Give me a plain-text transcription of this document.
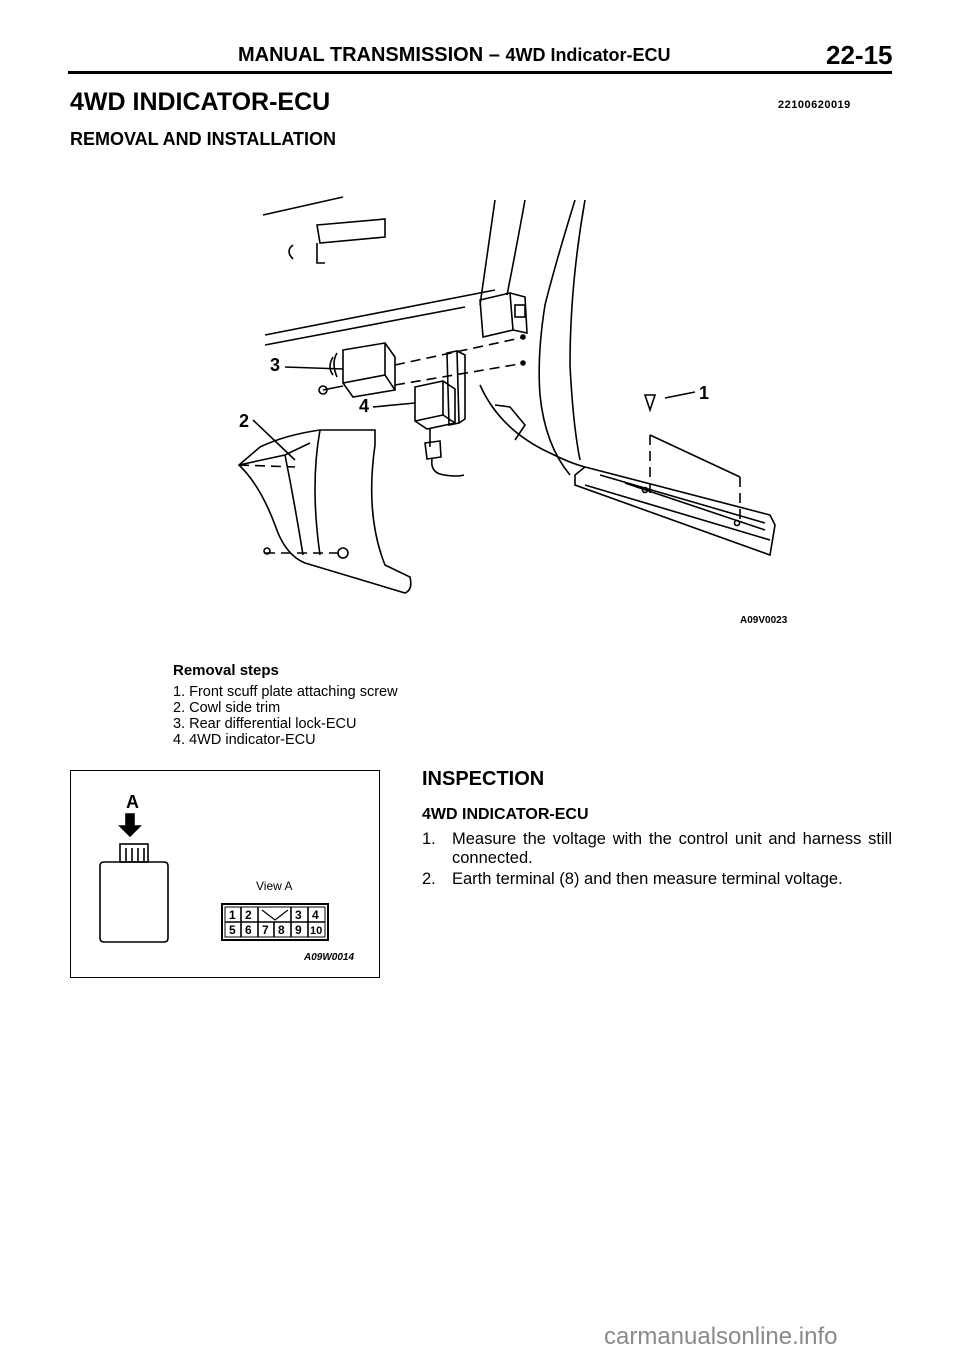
MANUAL TRANSMISSION – 4WD Indicator-ECU	22-15
4WD INDICATOR-ECU	22100620019
REMOVAL AND INSTALLATION
3
4
1
2
A09V0023
Removal steps
1. Front scuff plate attaching screw
2. Cowl side trim
3. Rear differential lock-ECU
4. 4WD indicator-ECU
A
View A
1 2	3 4
5 6 7 8 9 10
A09W0014
INSPECTION
4WD INDICATOR-ECU
1. Measure the voltage with the control unit and harness still connected.
2. Earth terminal (8) and then measure terminal voltage.
carmanualsonline.info
